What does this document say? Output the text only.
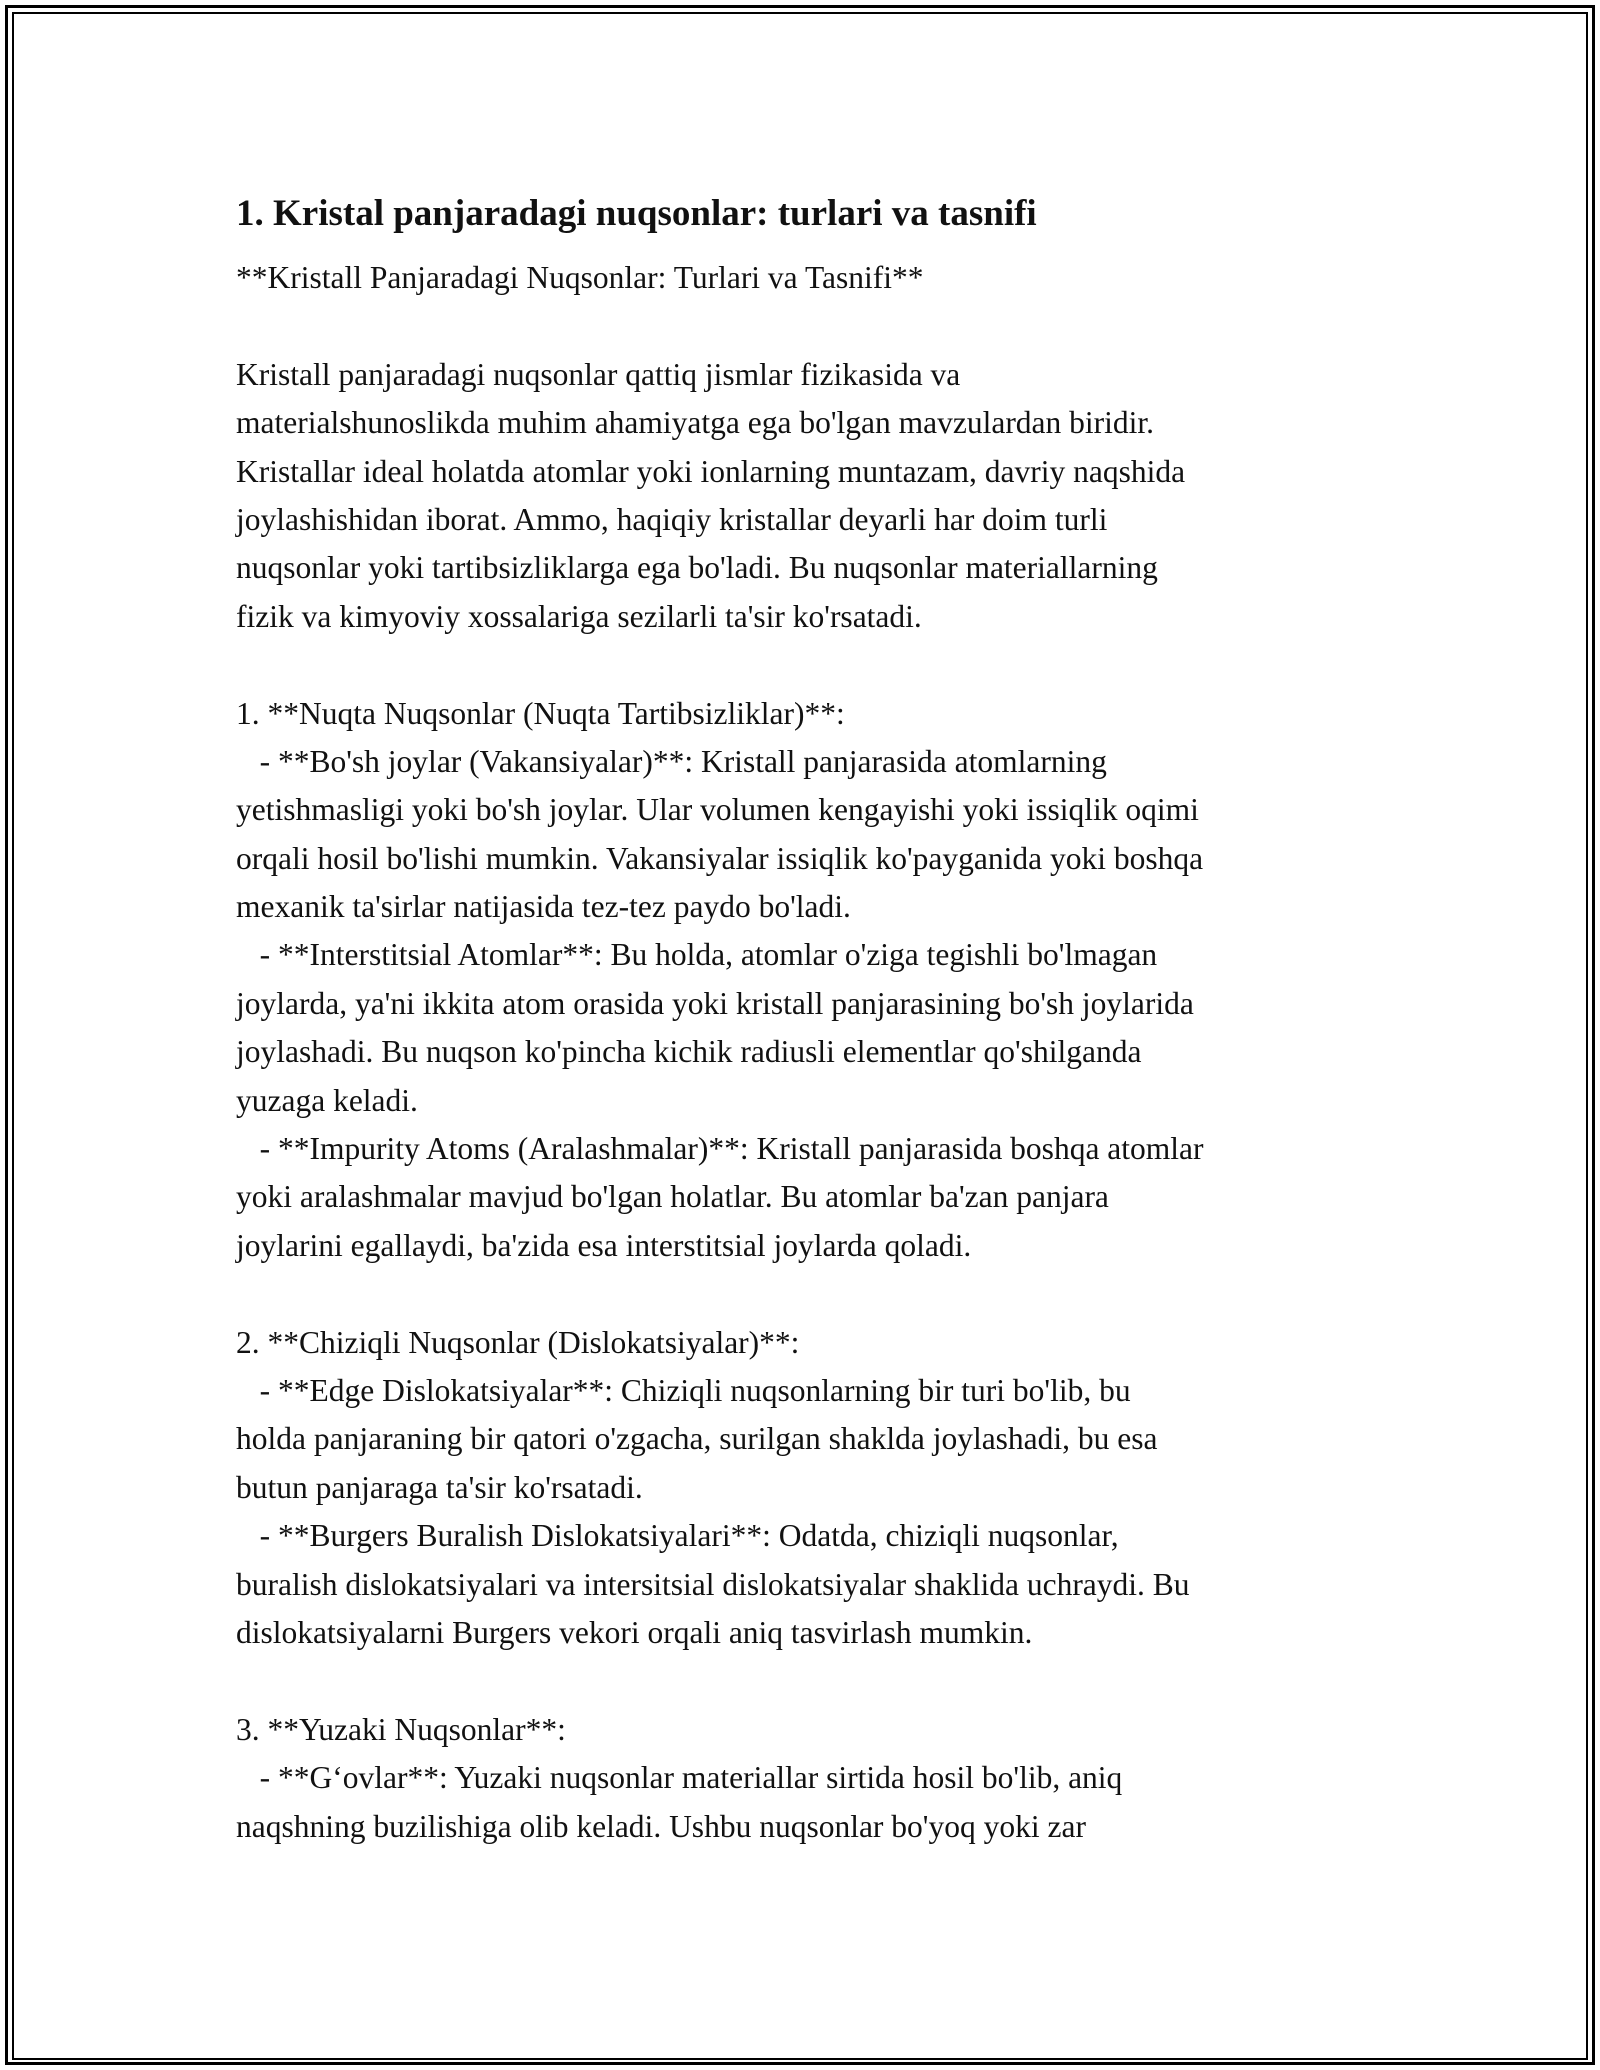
1. Kristal panjaradagi nuqsonlar: turlari va tasnifi
**Kristall Panjaradagi Nuqsonlar: Turlari va Tasnifi**
Kristall panjaradagi nuqsonlar qattiq jismlar fizikasida va
materialshunoslikda muhim ahamiyatga ega bo'lgan mavzulardan biridir.
Kristallar ideal holatda atomlar yoki ionlarning muntazam, davriy naqshida
joylashishidan iborat. Ammo, haqiqiy kristallar deyarli har doim turli
nuqsonlar yoki tartibsizliklarga ega bo'ladi. Bu nuqsonlar materiallarning
fizik va kimyoviy xossalariga sezilarli ta'sir ko'rsatadi.
1. **Nuqta Nuqsonlar (Nuqta Tartibsizliklar)**:
- **Bo'sh joylar (Vakansiyalar)**: Kristall panjarasida atomlarning
yetishmasligi yoki bo'sh joylar. Ular volumen kengayishi yoki issiqlik oqimi
orqali hosil bo'lishi mumkin. Vakansiyalar issiqlik ko'payganida yoki boshqa
mexanik ta'sirlar natijasida tez-tez paydo bo'ladi.
- **Interstitsial Atomlar**: Bu holda, atomlar o'ziga tegishli bo'lmagan
joylarda, ya'ni ikkita atom orasida yoki kristall panjarasining bo'sh joylarida
joylashadi. Bu nuqson ko'pincha kichik radiusli elementlar qo'shilganda
yuzaga keladi.
- **Impurity Atoms (Aralashmalar)**: Kristall panjarasida boshqa atomlar
yoki aralashmalar mavjud bo'lgan holatlar. Bu atomlar ba'zan panjara
joylarini egallaydi, ba'zida esa interstitsial joylarda qoladi.
2. **Chiziqli Nuqsonlar (Dislokatsiyalar)**:
- **Edge Dislokatsiyalar**: Chiziqli nuqsonlarning bir turi bo'lib, bu
holda panjaraning bir qatori o'zgacha, surilgan shaklda joylashadi, bu esa
butun panjaraga ta'sir ko'rsatadi.
- **Burgers Buralish Dislokatsiyalari**: Odatda, chiziqli nuqsonlar,
buralish dislokatsiyalari va intersitsial dislokatsiyalar shaklida uchraydi. Bu
dislokatsiyalarni Burgers vekori orqali aniq tasvirlash mumkin.
3. **Yuzaki Nuqsonlar**:
- **G‘ovlar**: Yuzaki nuqsonlar materiallar sirtida hosil bo'lib, aniq
naqshning buzilishiga olib keladi. Ushbu nuqsonlar bo'yoq yoki zar
